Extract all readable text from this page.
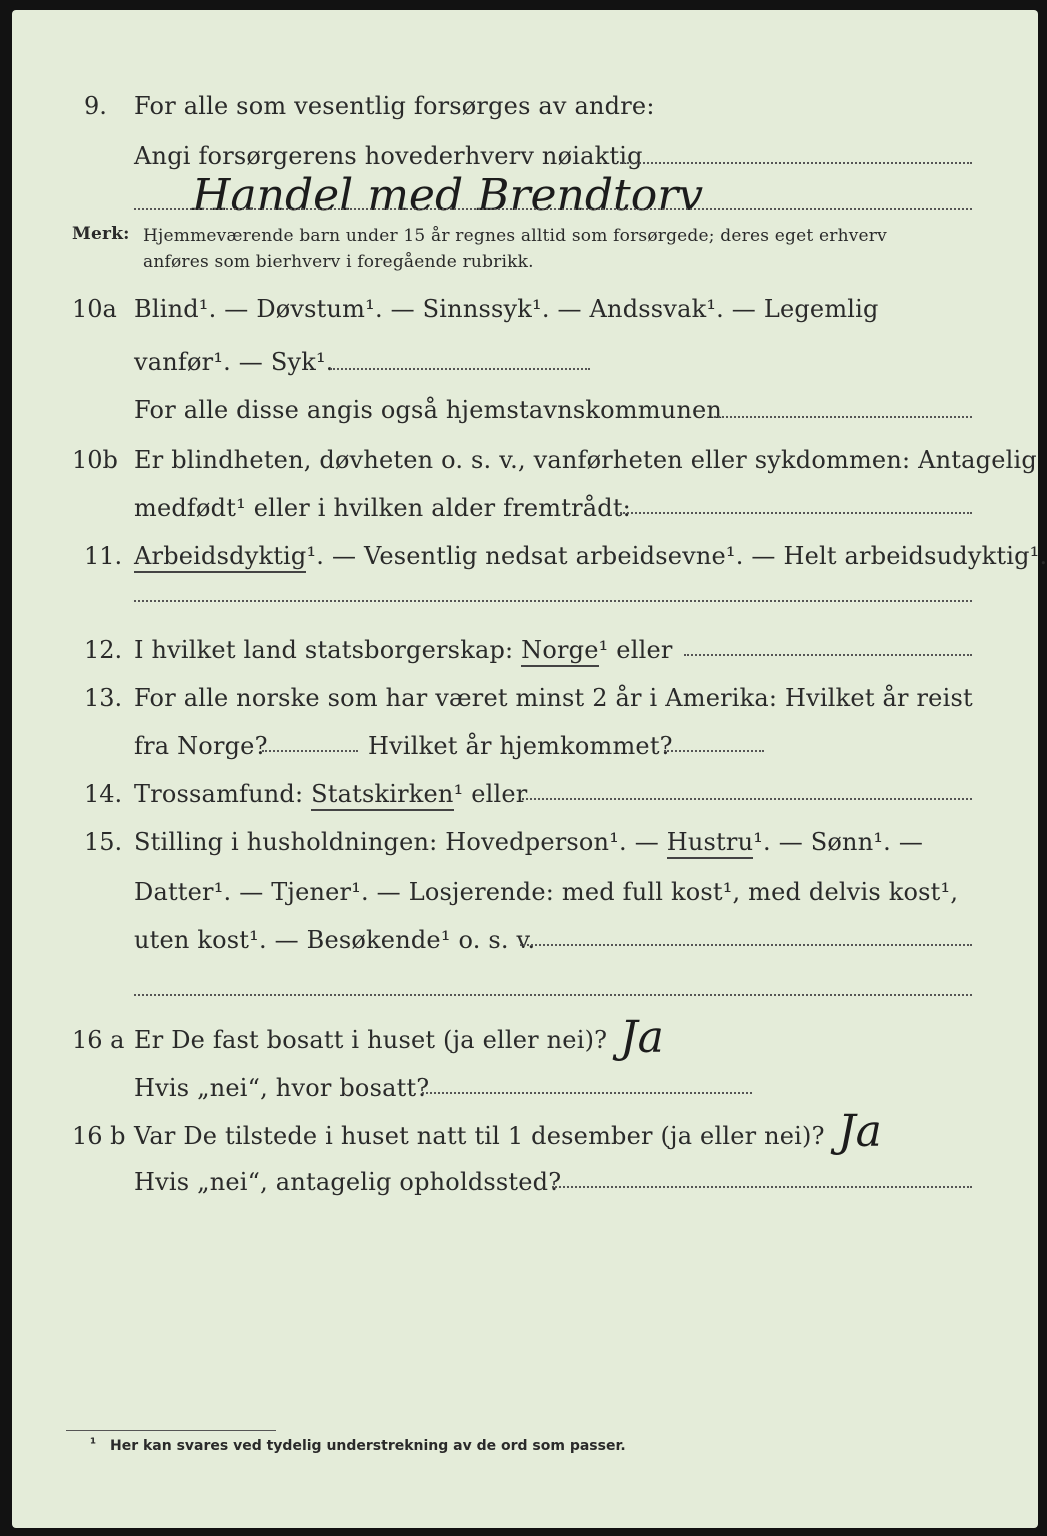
9. For alle som vesentlig forsørges av andre:
Angi forsørgerens hovederhverv nøiaktig
Handel med Brendtorv
Merk: Hjemmeværende barn under 15 år regnes alltid som forsørgede; deres eget erhverv
anføres som bierhverv i foregående rubrikk.
10a Blind¹. — Døvstum¹. — Sinnssyk¹. — Andssvak¹. — Legemlig
vanfør¹. — Syk¹.
For alle disse angis også hjemstavnskommunen
10b Er blindheten, døvheten o. s. v., vanførheten eller sykdommen: Antagelig
medfødt¹ eller i hvilken alder fremtrådt:
11. Arbeidsdyktig¹. — Vesentlig nedsat arbeidsevne¹. — Helt arbeidsudyktig¹.
12. I hvilket land statsborgerskap: Norge¹ eller
13. For alle norske som har været minst 2 år i Amerika: Hvilket år reist
fra Norge?	Hvilket år hjemkommet?
14. Trossamfund: Statskirken¹ eller
15. Stilling i husholdningen: Hovedperson¹. — Hustru¹. — Sønn¹. —
Datter¹. — Tjener¹. — Losjerende: med full kost¹, med delvis kost¹,
uten kost¹. — Besøkende¹ o. s. v.
16 a Er De fast bosatt i huset (ja eller nei)? Ja
Hvis „nei“, hvor bosatt?
16 b Var De tilstede i huset natt til 1 desember (ja eller nei)? Ja
Hvis „nei“, antagelig opholdssted?
¹ Her kan svares ved tydelig understrekning av de ord som passer.
